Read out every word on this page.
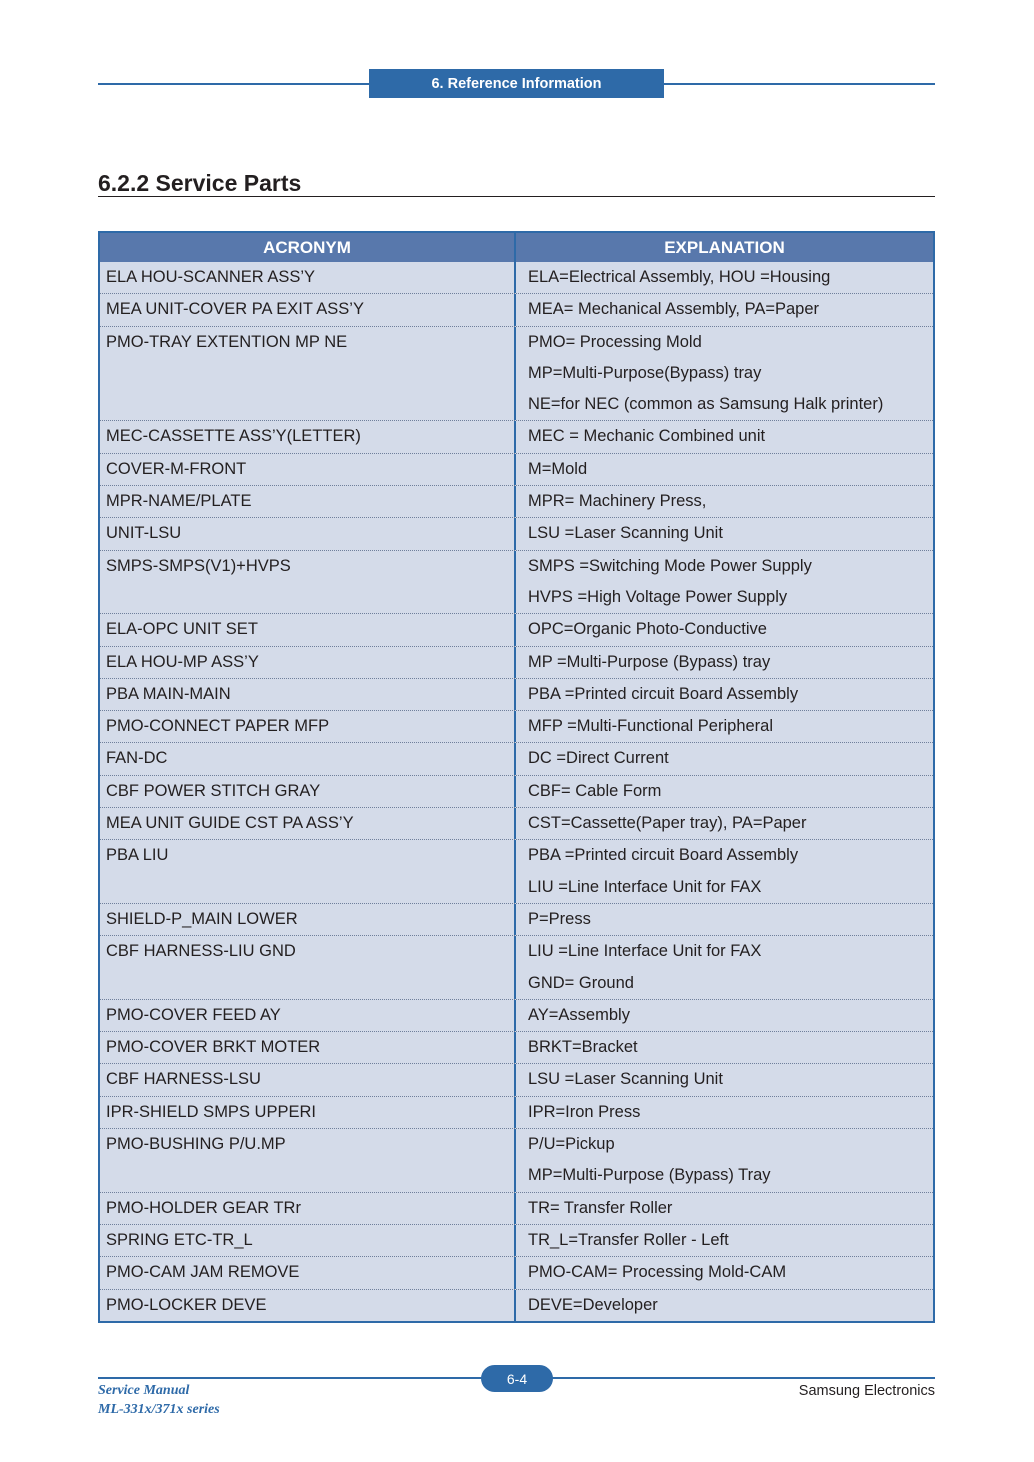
6. Reference Information
6.2.2 Service Parts
ACRONYM	EXPLANATION
ELA HOU-SCANNER ASS’Y	ELA=Electrical Assembly, HOU =Housing
MEA UNIT-COVER PA EXIT ASS’Y	MEA= Mechanical Assembly, PA=Paper
PMO-TRAY EXTENTION MP NE	PMO= Processing Mold
MP=Multi-Purpose(Bypass) tray
NE=for NEC (common as Samsung Halk printer)
MEC-CASSETTE ASS’Y(LETTER)	MEC = Mechanic Combined unit
COVER-M-FRONT	M=Mold
MPR-NAME/PLATE	MPR= Machinery Press,
UNIT-LSU	LSU =Laser Scanning Unit
SMPS-SMPS(V1)+HVPS	SMPS =Switching Mode Power Supply
HVPS =High Voltage Power Supply
ELA-OPC UNIT SET	OPC=Organic Photo-Conductive
ELA HOU-MP ASS’Y	MP =Multi-Purpose (Bypass) tray
PBA MAIN-MAIN	PBA =Printed circuit Board Assembly
PMO-CONNECT PAPER MFP	MFP =Multi-Functional Peripheral
FAN-DC	DC =Direct Current
CBF POWER STITCH GRAY	CBF= Cable Form
MEA UNIT GUIDE CST PA ASS’Y	CST=Cassette(Paper tray), PA=Paper
PBA LIU	PBA =Printed circuit Board Assembly
LIU =Line Interface Unit for FAX
SHIELD-P_MAIN LOWER	P=Press
CBF HARNESS-LIU GND	LIU =Line Interface Unit for FAX
GND= Ground
PMO-COVER FEED AY	AY=Assembly
PMO-COVER BRKT MOTER	BRKT=Bracket
CBF HARNESS-LSU	LSU =Laser Scanning Unit
IPR-SHIELD SMPS UPPERI	IPR=Iron Press
PMO-BUSHING P/U.MP	P/U=Pickup
MP=Multi-Purpose (Bypass) Tray
PMO-HOLDER GEAR TRr	TR= Transfer Roller
SPRING ETC-TR_L	TR_L=Transfer Roller - Left
PMO-CAM JAM REMOVE	PMO-CAM= Processing Mold-CAM
PMO-LOCKER DEVE	DEVE=Developer
6-4
Service Manual
ML-331x/371x series
Samsung Electronics
